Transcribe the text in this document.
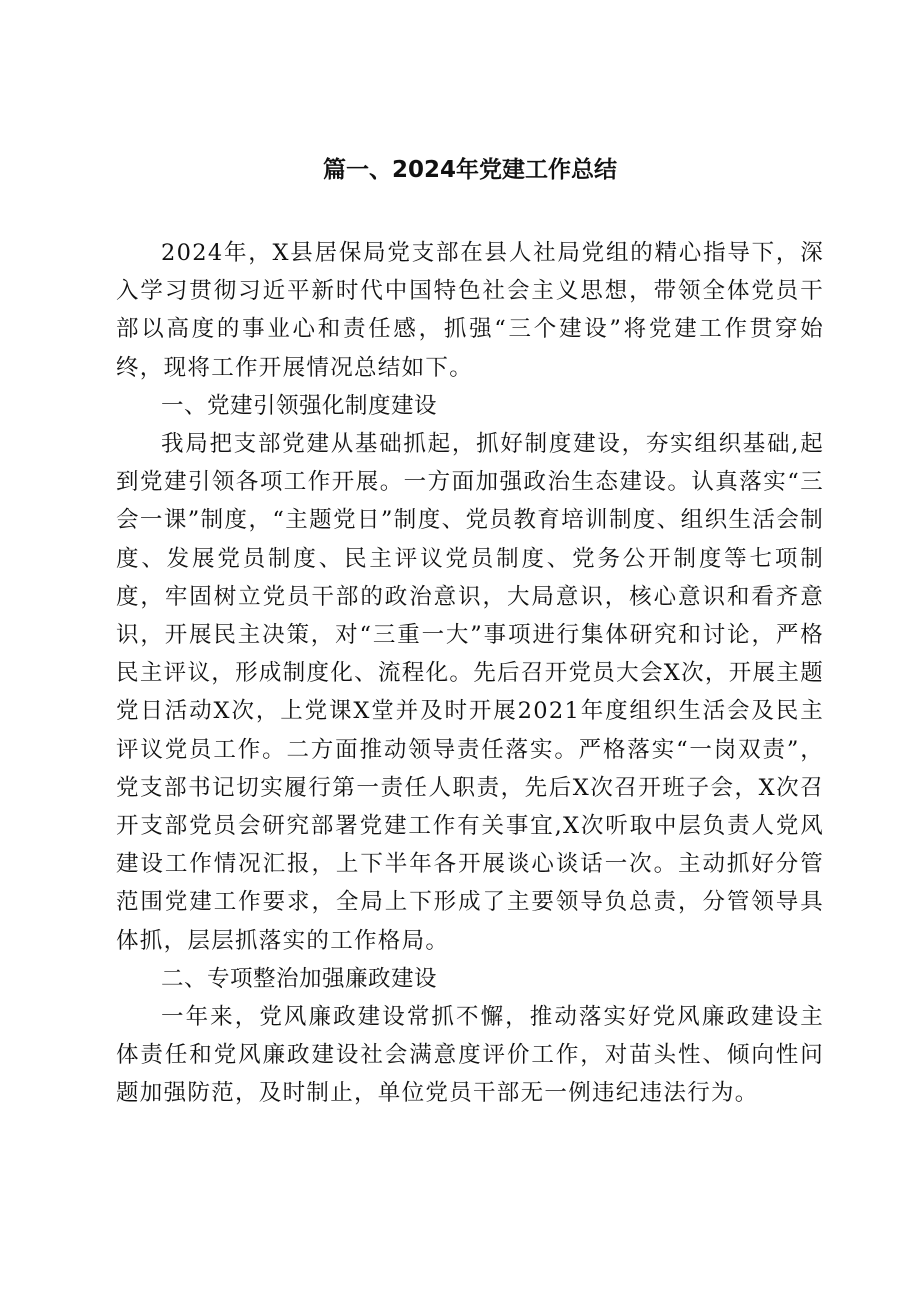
篇一、2024年党建工作总结

2024年，X县居保局党支部在县人社局党组的精心指导下，深入学习贯彻习近平新时代中国特色社会主义思想，带领全体党员干部以高度的事业心和责任感，抓强“三个建设”将党建工作贯穿始终，现将工作开展情况总结如下。

一、党建引领强化制度建设

我局把支部党建从基础抓起，抓好制度建设，夯实组织基础,起到党建引领各项工作开展。一方面加强政治生态建设。认真落实“三会一课”制度，“主题党日”制度、党员教育培训制度、组织生活会制度、发展党员制度、民主评议党员制度、党务公开制度等七项制度，牢固树立党员干部的政治意识，大局意识，核心意识和看齐意识，开展民主决策，对“三重一大”事项进行集体研究和讨论，严格民主评议，形成制度化、流程化。先后召开党员大会X次，开展主题党日活动X次，上党课X堂并及时开展2021年度组织生活会及民主评议党员工作。二方面推动领导责任落实。严格落实“一岗双责”，党支部书记切实履行第一责任人职责，先后X次召开班子会，X次召开支部党员会研究部署党建工作有关事宜,X次听取中层负责人党风建设工作情况汇报，上下半年各开展谈心谈话一次。主动抓好分管范围党建工作要求，全局上下形成了主要领导负总责，分管领导具体抓，层层抓落实的工作格局。

二、专项整治加强廉政建设

一年来，党风廉政建设常抓不懈，推动落实好党风廉政建设主体责任和党风廉政建设社会满意度评价工作，对苗头性、倾向性问题加强防范，及时制止，单位党员干部无一例违纪违法行为。
